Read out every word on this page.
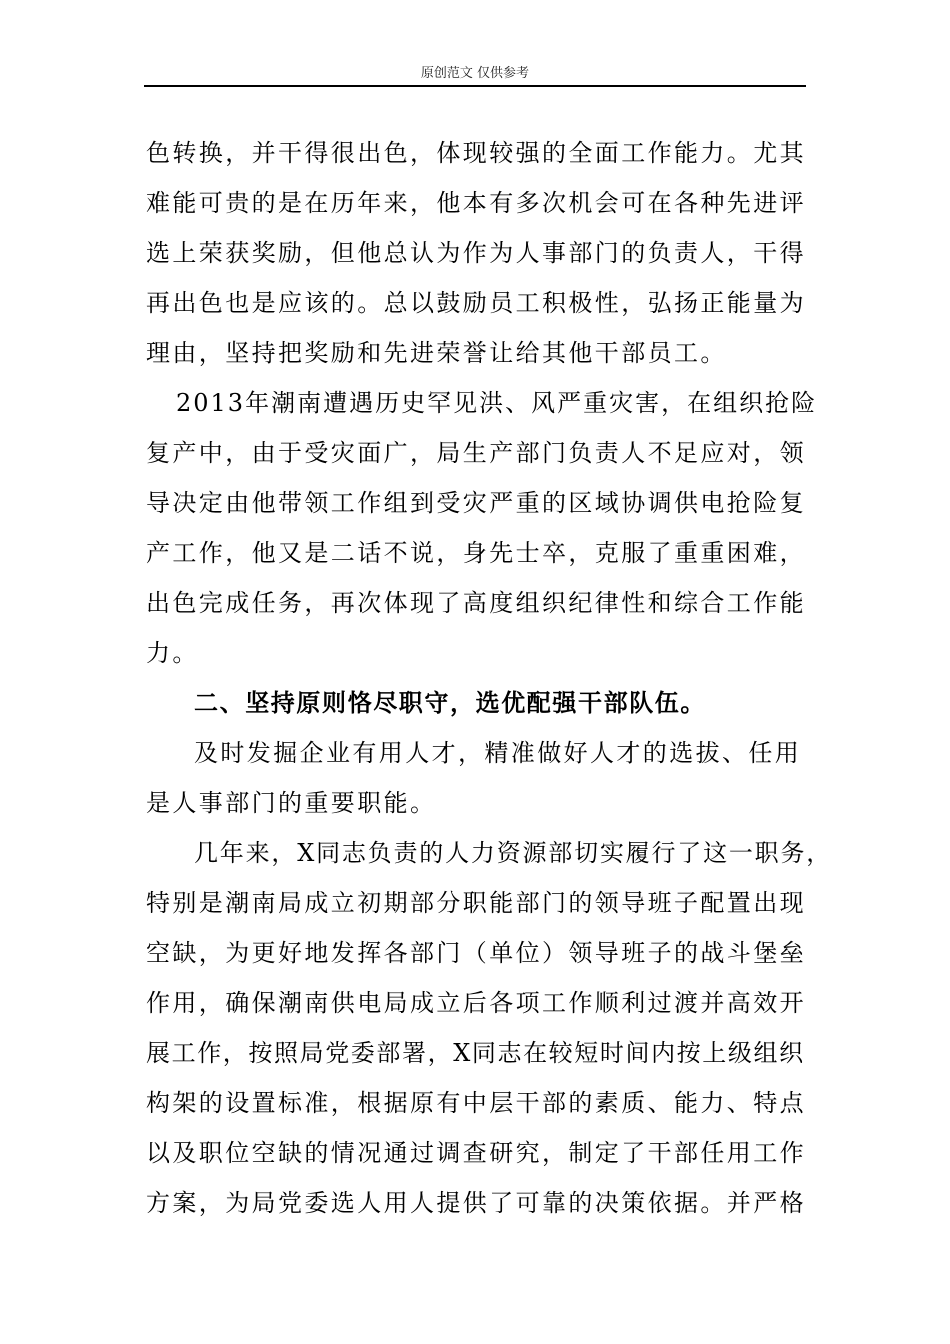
原创范文 仅供参考
色转换，并干得很出色，体现较强的全面工作能力。尤其
难能可贵的是在历年来，他本有多次机会可在各种先进评
选上荣获奖励，但他总认为作为人事部门的负责人，干得
再出色也是应该的。总以鼓励员工积极性，弘扬正能量为
理由，坚持把奖励和先进荣誉让给其他干部员工。
2013年潮南遭遇历史罕见洪、风严重灾害，在组织抢险
复产中，由于受灾面广，局生产部门负责人不足应对，领
导决定由他带领工作组到受灾严重的区域协调供电抢险复
产工作，他又是二话不说，身先士卒，克服了重重困难，
出色完成任务，再次体现了高度组织纪律性和综合工作能
力。
二、坚持原则恪尽职守，选优配强干部队伍。
及时发掘企业有用人才，精准做好人才的选拔、任用
是人事部门的重要职能。
几年来，X同志负责的人力资源部切实履行了这一职务，
特别是潮南局成立初期部分职能部门的领导班子配置出现
空缺，为更好地发挥各部门（单位）领导班子的战斗堡垒
作用，确保潮南供电局成立后各项工作顺利过渡并高效开
展工作，按照局党委部署，X同志在较短时间内按上级组织
构架的设置标准，根据原有中层干部的素质、能力、特点
以及职位空缺的情况通过调查研究，制定了干部任用工作
方案，为局党委选人用人提供了可靠的决策依据。并严格
